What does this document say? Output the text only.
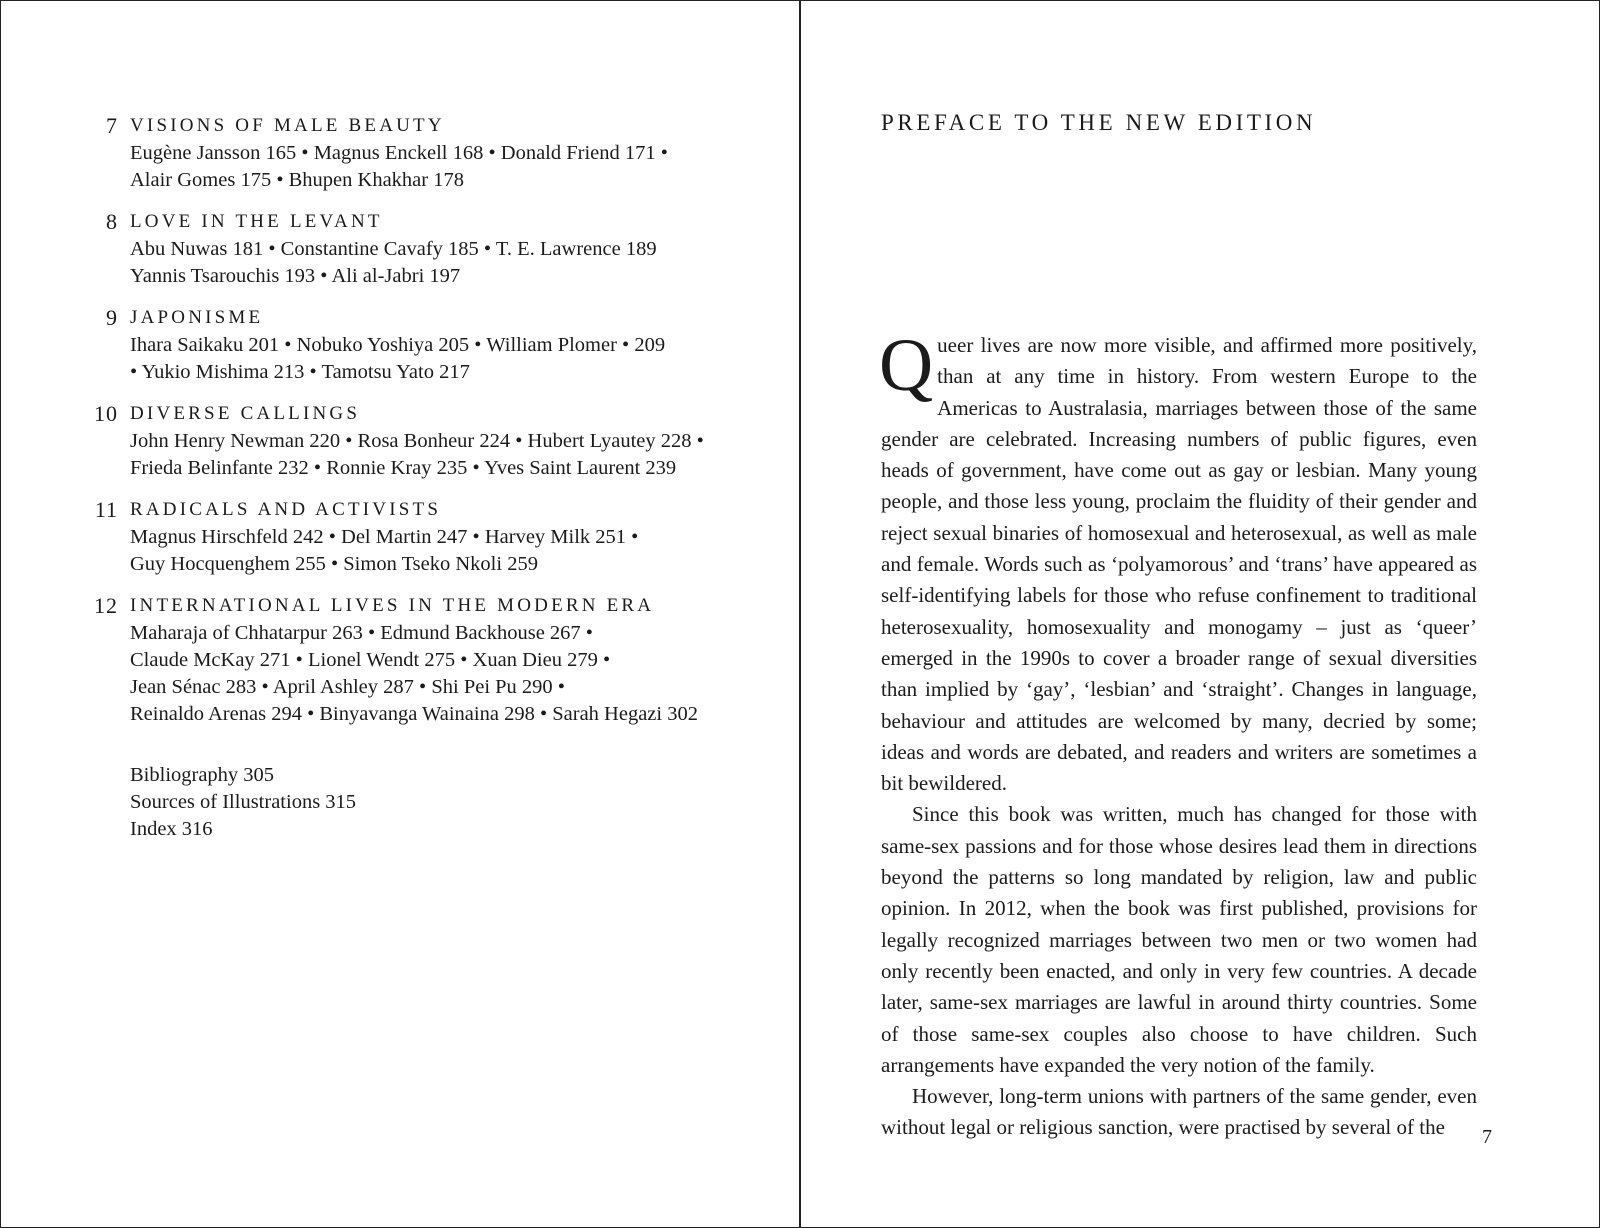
7 VISIONS OF MALE BEAUTY
Eugène Jansson 165 • Magnus Enckell 168 • Donald Friend 171 • Alair Gomes 175 • Bhupen Khakhar 178
8 LOVE IN THE LEVANT
Abu Nuwas 181 • Constantine Cavafy 185 • T. E. Lawrence 189 Yannis Tsarouchis 193 • Ali al-Jabri 197
9 JAPONISME
Ihara Saikaku 201 • Nobuko Yoshiya 205 • William Plomer • 209 • Yukio Mishima 213 • Tamotsu Yato 217
10 DIVERSE CALLINGS
John Henry Newman 220 • Rosa Bonheur 224 • Hubert Lyautey 228 • Frieda Belinfante 232 • Ronnie Kray 235 • Yves Saint Laurent 239
11 RADICALS AND ACTIVISTS
Magnus Hirschfeld 242 • Del Martin 247 • Harvey Milk 251 • Guy Hocquenghem 255 • Simon Tseko Nkoli 259
12 INTERNATIONAL LIVES IN THE MODERN ERA
Maharaja of Chhatarpur 263 • Edmund Backhouse 267 • Claude McKay 271 • Lionel Wendt 275 • Xuan Dieu 279 • Jean Sénac 283 • April Ashley 287 • Shi Pei Pu 290 • Reinaldo Arenas 294 • Binyavanga Wainaina 298 • Sarah Hegazi 302
Bibliography 305
Sources of Illustrations 315
Index 316
PREFACE TO THE NEW EDITION

Queer lives are now more visible, and affirmed more positively, than at any time in history. From western Europe to the Americas to Australasia, marriages between those of the same gender are celebrated. Increasing numbers of public figures, even heads of government, have come out as gay or lesbian. Many young people, and those less young, proclaim the fluidity of their gender and reject sexual binaries of homosexual and heterosexual, as well as male and female. Words such as ‘polyamorous’ and ‘trans’ have appeared as self-identifying labels for those who refuse confinement to traditional heterosexuality, homosexuality and monogamy – just as ‘queer’ emerged in the 1990s to cover a broader range of sexual diversities than implied by ‘gay’, ‘lesbian’ and ‘straight’. Changes in language, behaviour and attitudes are welcomed by many, decried by some; ideas and words are debated, and readers and writers are sometimes a bit bewildered.

Since this book was written, much has changed for those with same-sex passions and for those whose desires lead them in directions beyond the patterns so long mandated by religion, law and public opinion. In 2012, when the book was first published, provisions for legally recognized marriages between two men or two women had only recently been enacted, and only in very few countries. A decade later, same-sex marriages are lawful in around thirty countries. Some of those same-sex couples also choose to have children. Such arrangements have expanded the very notion of the family.

However, long-term unions with partners of the same gender, even without legal or religious sanction, were practised by several of the	7
